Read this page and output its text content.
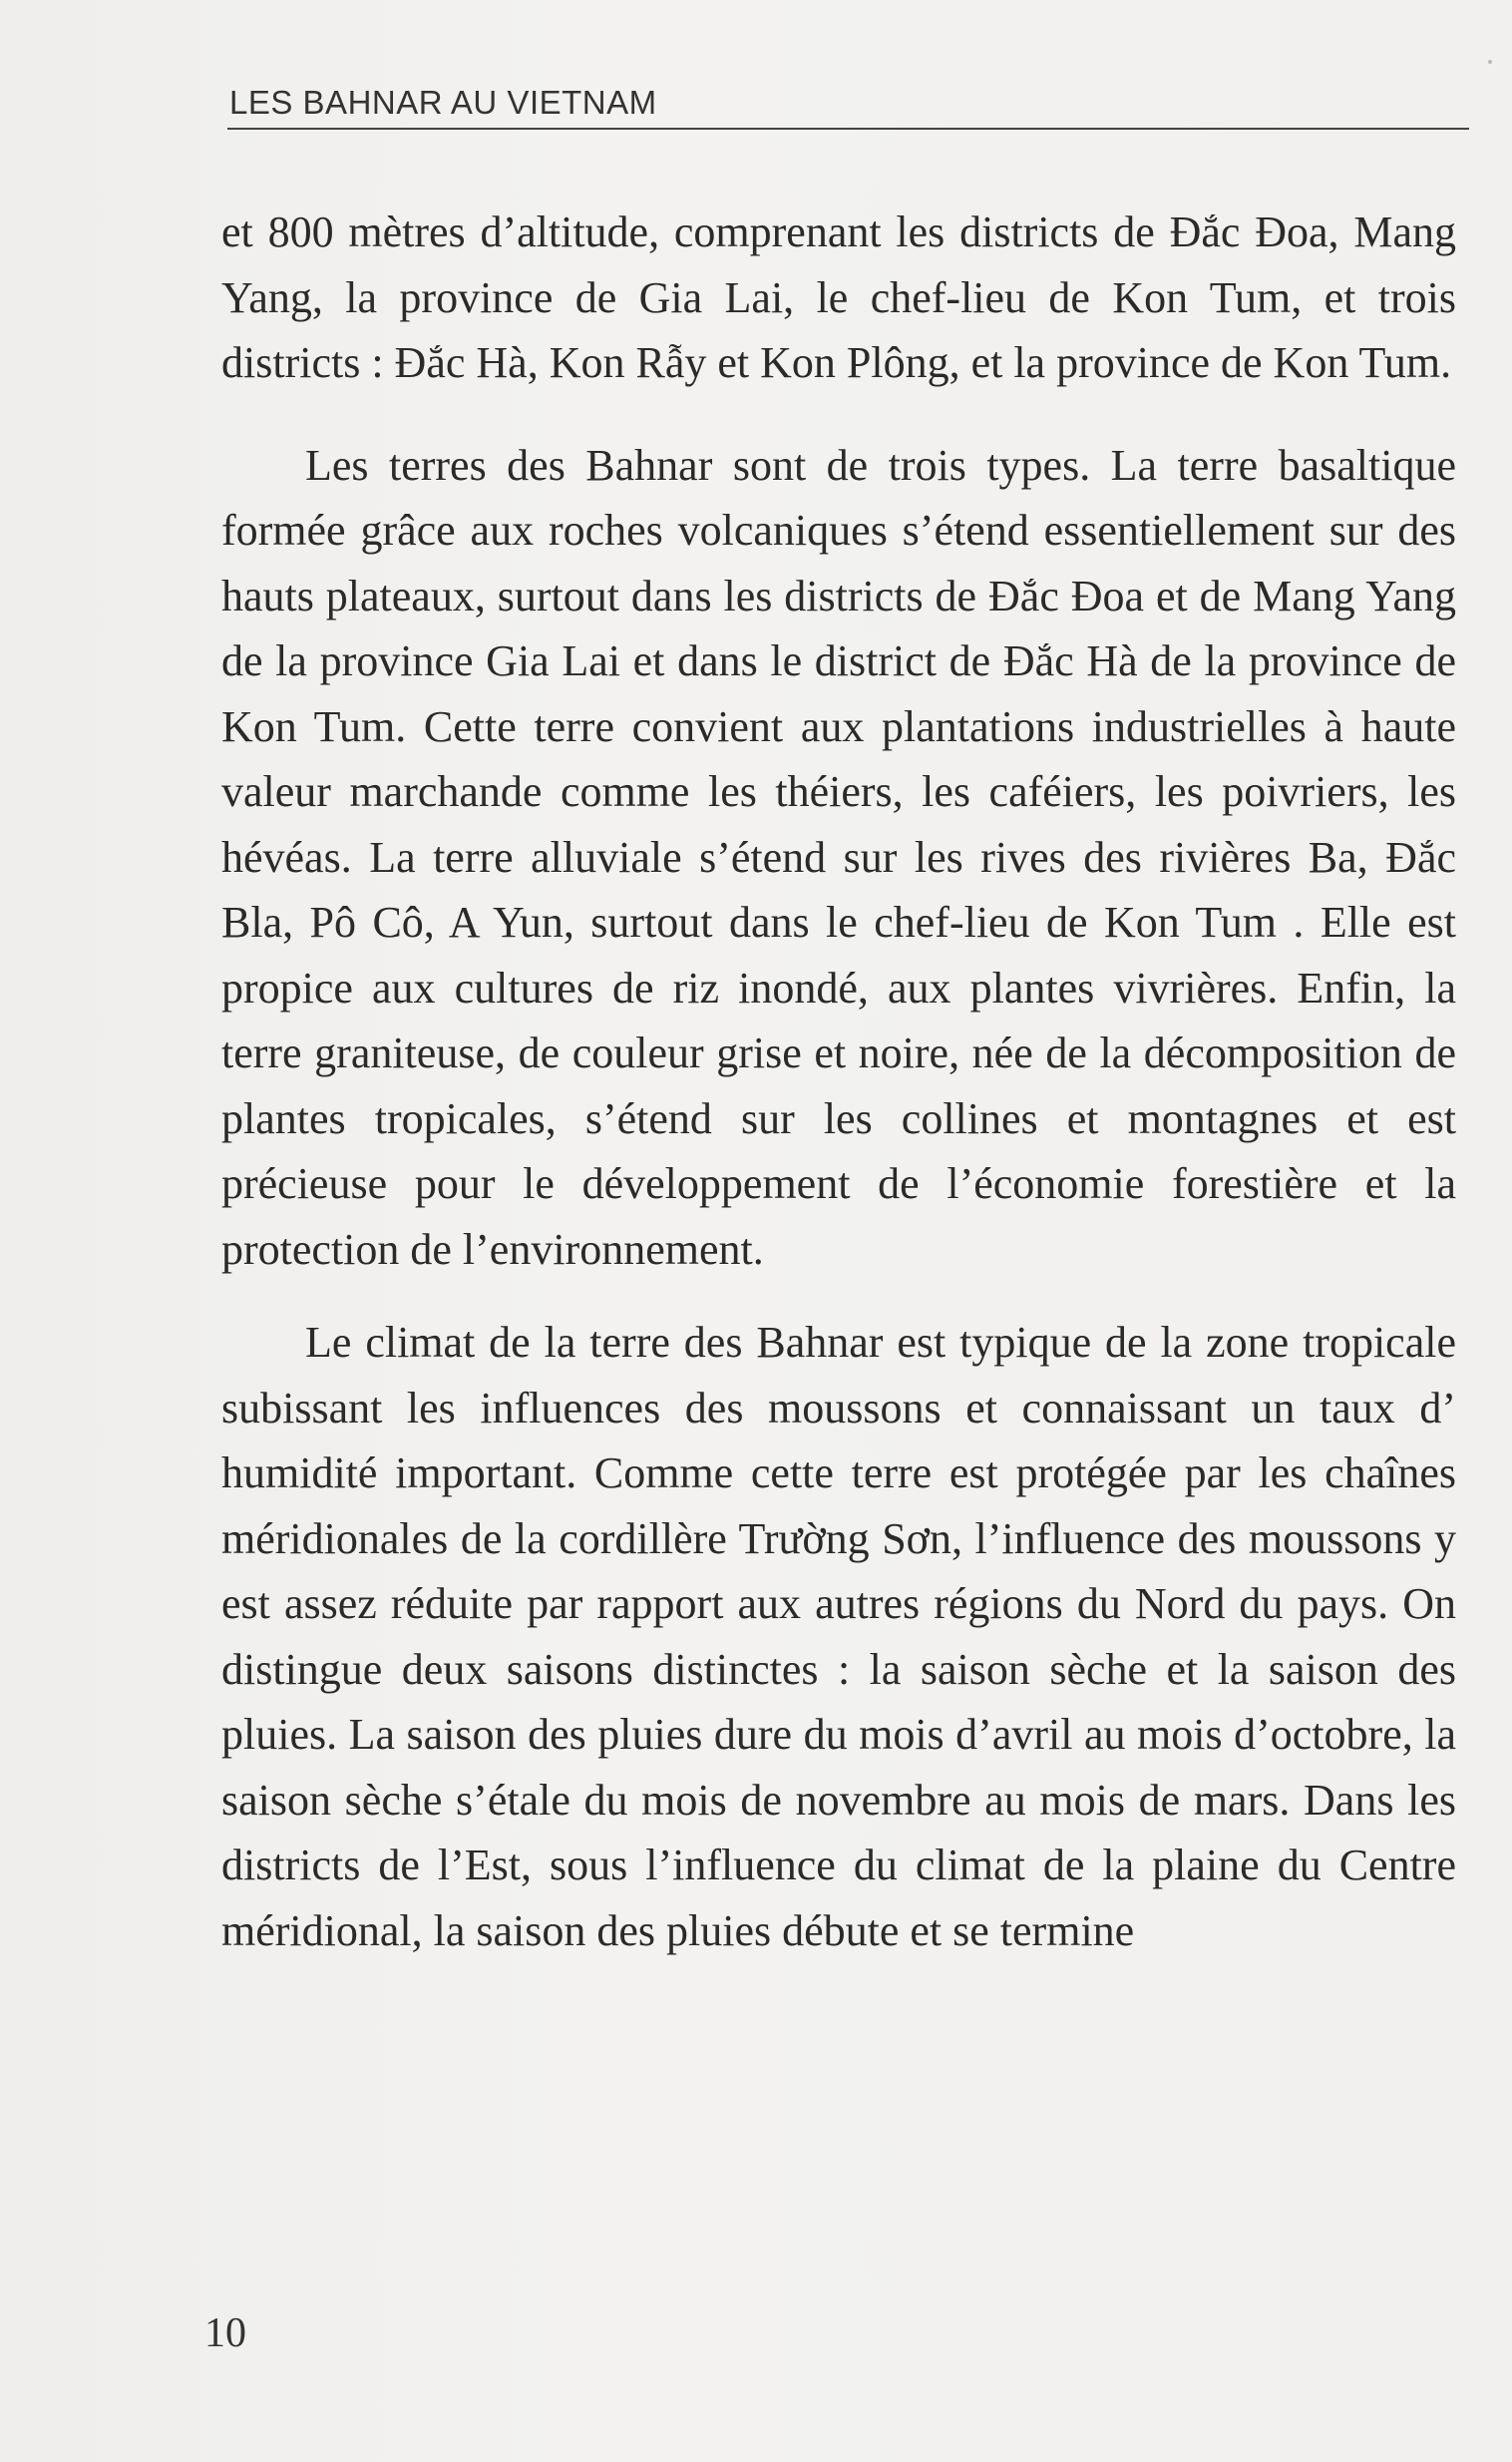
LES BAHNAR AU VIETNAM

et 800 mètres d’altitude, comprenant les districts de Đắc Đoa, Mang Yang, la province de Gia Lai, le chef-lieu de Kon Tum, et trois districts : Đắc Hà, Kon Rẫy et Kon Plông, et la province de Kon Tum.

Les terres des Bahnar sont de trois types. La terre basaltique formée grâce aux roches volcaniques s’étend essentiellement sur des hauts plateaux, surtout dans les districts de Đắc Đoa et de Mang Yang de la province Gia Lai et dans le district de Đắc Hà de la province de Kon Tum. Cette terre convient aux plantations industrielles à haute valeur marchande comme les théiers, les caféiers, les poivriers, les hévéas. La terre alluviale s’étend sur les rives des rivières Ba, Đắc Bla, Pô Cô, A Yun, surtout dans le chef-lieu de Kon Tum . Elle est propice aux cultures de riz inondé, aux plantes vivrières. Enfin, la terre graniteuse, de couleur grise et noire, née de la décomposition de plantes tropicales, s’étend sur les collines et montagnes et est précieuse pour le développement de l’économie forestière et la protection de l’environnement.

Le climat de la terre des Bahnar est typique de la zone tropicale subissant les influences des moussons et connaissant un taux d’ humidité important. Comme cette terre est protégée par les chaînes méridionales de la cordillère Trường Sơn, l’influence des moussons y est assez réduite par rapport aux autres régions du Nord du pays. On distingue deux saisons distinctes : la saison sèche et la saison des pluies. La saison des pluies dure du mois d’avril au mois d’octobre, la saison sèche s’étale du mois de novembre au mois de mars. Dans les districts de l’Est, sous l’influence du climat de la plaine du Centre méridional, la saison des pluies débute et se termine

10
